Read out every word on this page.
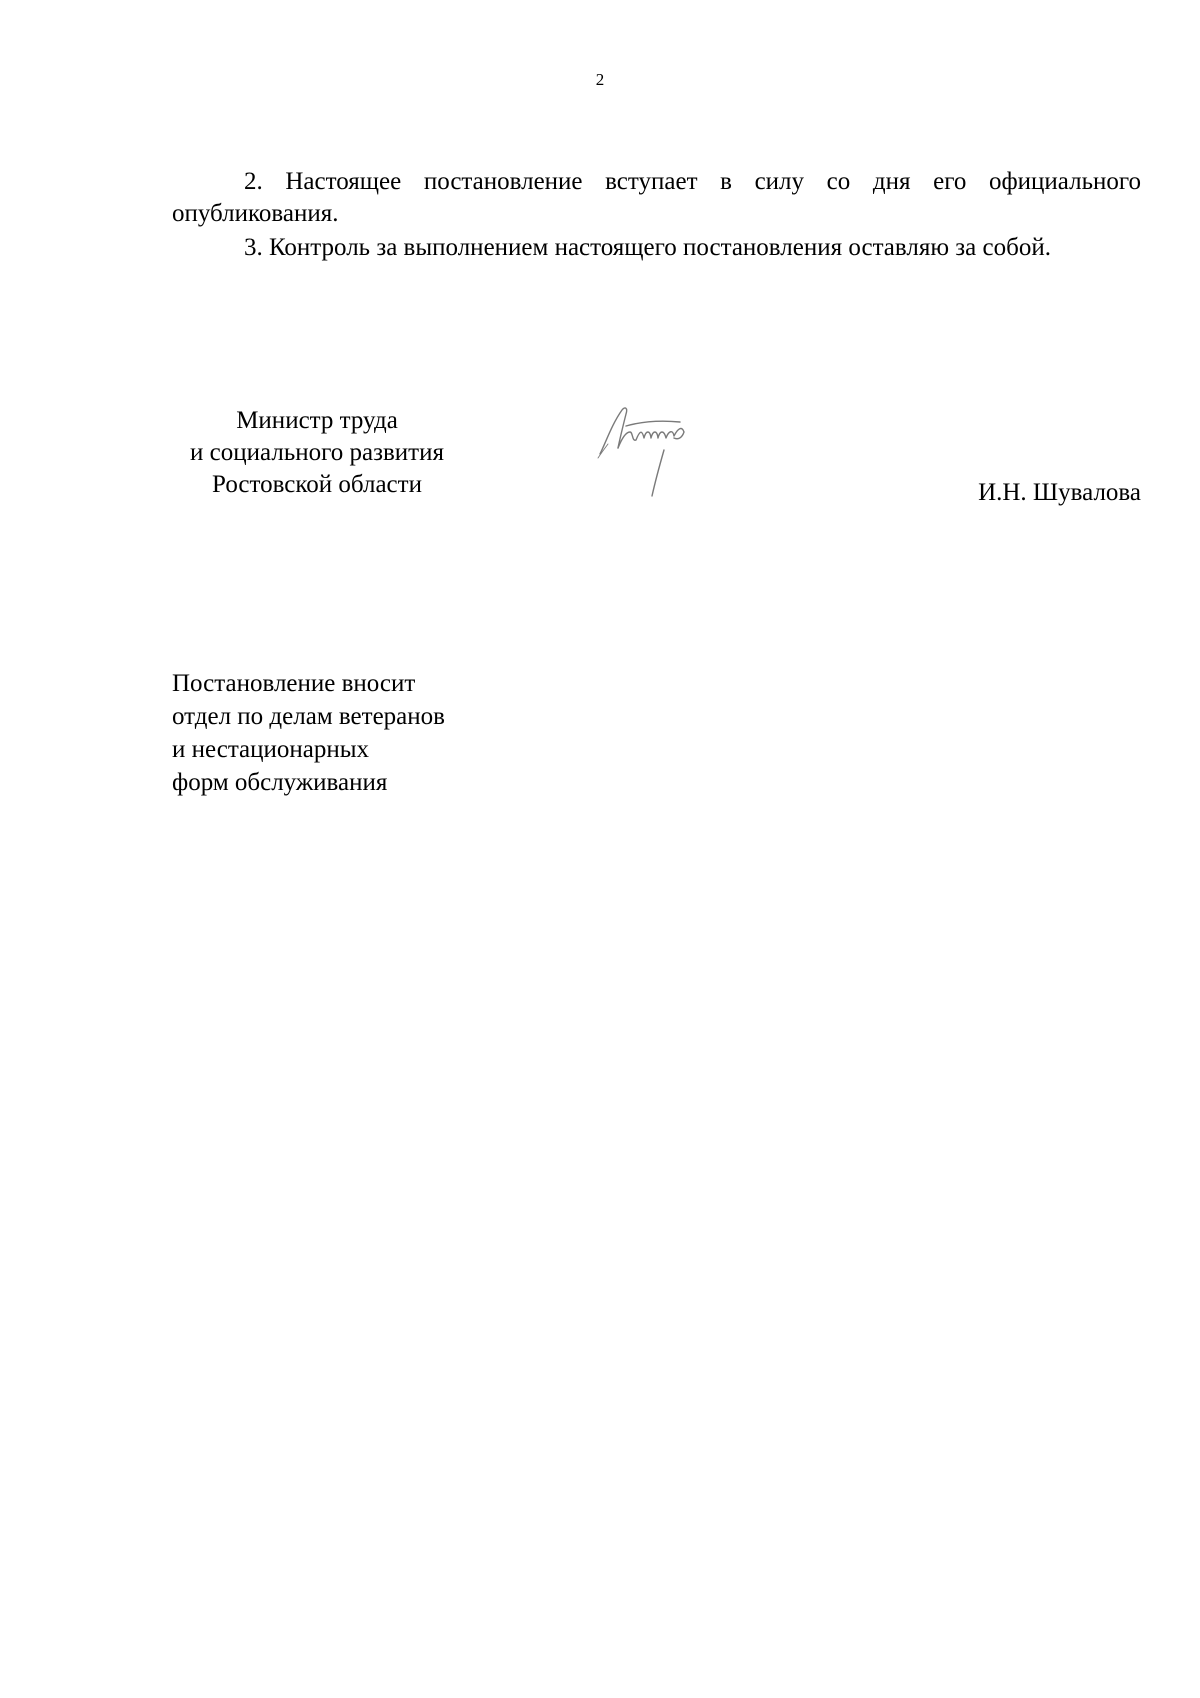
2

2. Настоящее постановление вступает в силу со дня его официального опубликования.

3. Контроль за выполнением настоящего постановления оставляю за собой.

Министр труда
и социального развития
Ростовской области	И.Н. Шувалова
Постановление вносит
отдел по делам ветеранов
и нестационарных
форм обслуживания
